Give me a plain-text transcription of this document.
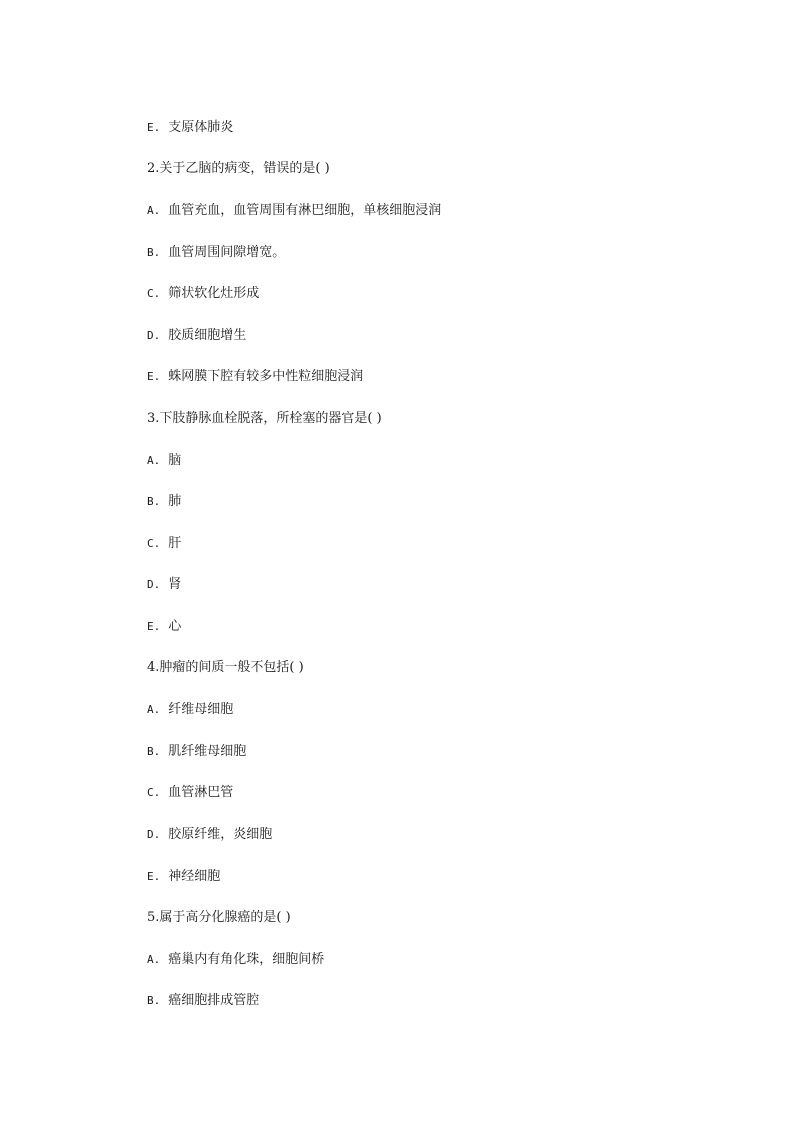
E. 支原体肺炎
2.关于乙脑的病变，错误的是( )
A. 血管充血，血管周围有淋巴细胞，单核细胞浸润
B. 血管周围间隙增宽。
C. 筛状软化灶形成
D. 胶质细胞增生
E. 蛛网膜下腔有较多中性粒细胞浸润
3.下肢静脉血栓脱落，所栓塞的器官是( )
A. 脑
B. 肺
C. 肝
D. 肾
E. 心
4.肿瘤的间质一般不包括( )
A. 纤维母细胞
B. 肌纤维母细胞
C. 血管淋巴管
D. 胶原纤维，炎细胞
E. 神经细胞
5.属于高分化腺癌的是( )
A. 癌巢内有角化珠，细胞间桥
B. 癌细胞排成管腔
